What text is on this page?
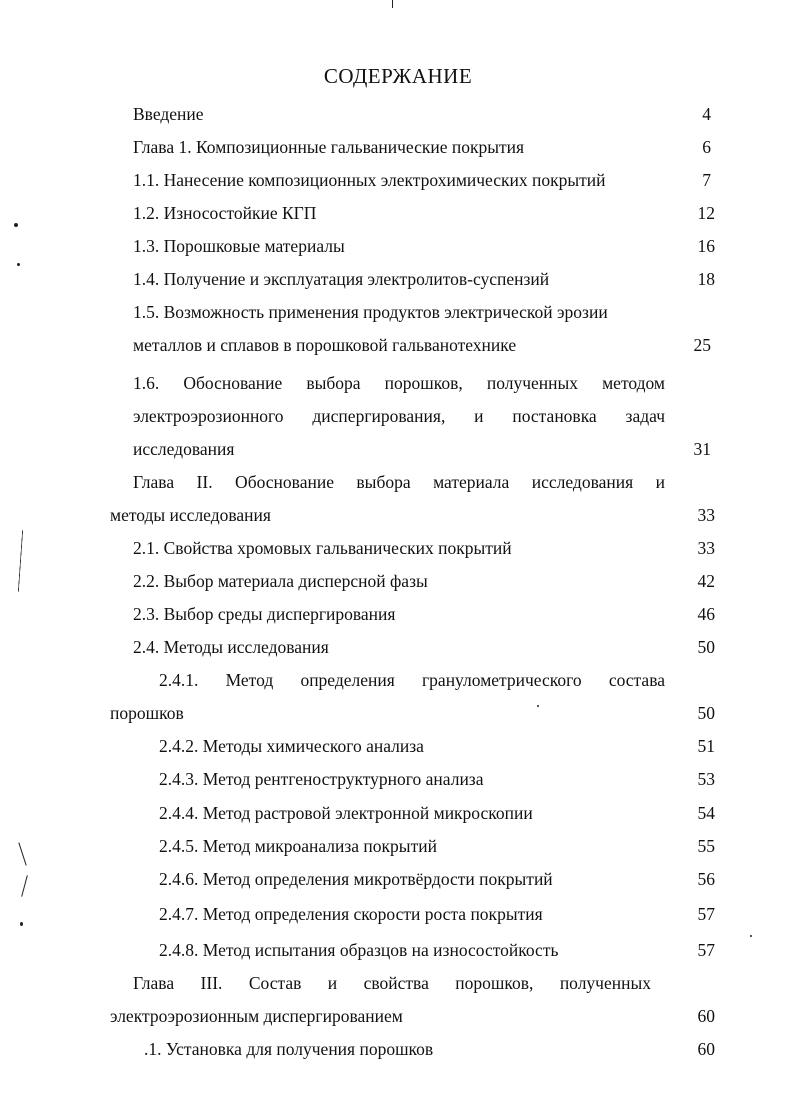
СОДЕРЖАНИЕ
Введение	4
Глава 1. Композиционные гальванические покрытия	6
1.1. Нанесение композиционных электрохимических покрытий	7
1.2. Износостойкие КГП	12
1.3. Порошковые материалы	16
1.4. Получение и эксплуатация электролитов-суспензий	18
1.5. Возможность применения продуктов электрической эрозии
металлов и сплавов в порошковой гальванотехнике	25
1.6. Обоснование выбора порошков, полученных методом
электроэрозионного диспергирования, и постановка задач
исследования	31
Глава II. Обоснование выбора материала исследования и
методы исследования	33
2.1. Свойства хромовых гальванических покрытий	33
2.2. Выбор материала дисперсной фазы	42
2.3. Выбор среды диспергирования	46
2.4. Методы исследования	50
2.4.1. Метод определения гранулометрического состава
порошков	50
2.4.2. Методы химического анализа	51
2.4.3. Метод рентгеноструктурного анализа	53
2.4.4. Метод растровой электронной микроскопии	54
2.4.5. Метод микроанализа покрытий	55
2.4.6. Метод определения микротвёрдости покрытий	56
2.4.7. Метод определения скорости роста покрытия	57
2.4.8. Метод испытания образцов на износостойкость	57
Глава III. Состав и свойства порошков, полученных
электроэрозионным диспергированием	60
.1. Установка для получения порошков	60
